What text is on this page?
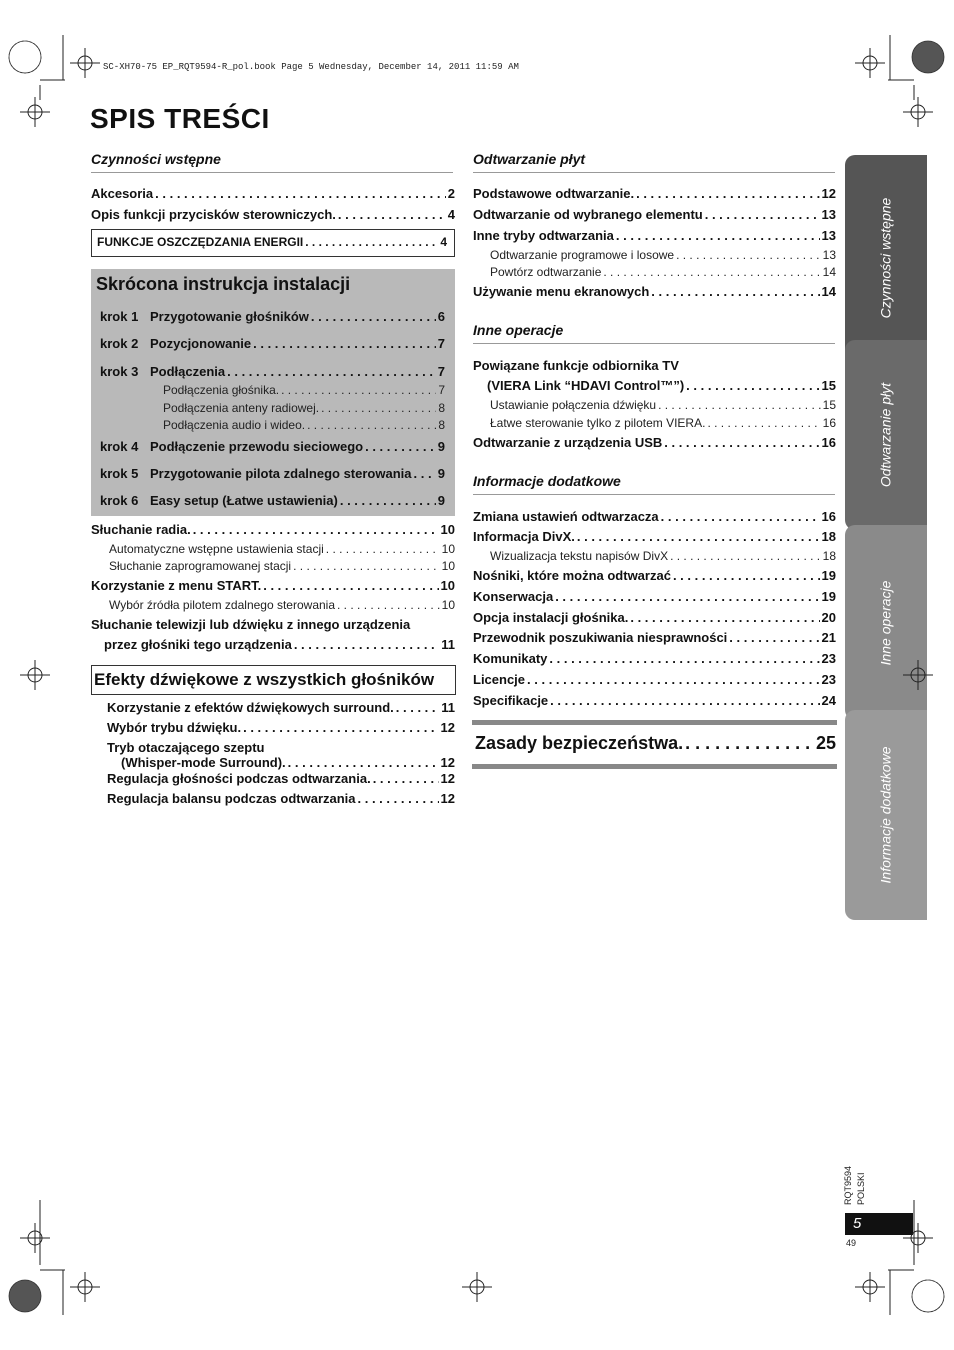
SC-XH70-75 EP_RQT9594-R_pol.book Page 5 Wednesday, December 14, 2011 11:59 AM
SPIS TREŚCI
Czynności wstępne
Akcesoria . . .	2
Opis funkcji przycisków sterowniczych. . . .	4
FUNKCJE OSZCZĘDZANIA ENERGII . . .	4
Skrócona instrukcja instalacji
krok 1 Przygotowanie głośników . . .	6
krok 2 Pozycjonowanie . . .	7
krok 3 Podłączenia . . .	7
Podłączenia głośnika. . . .	7
Podłączenia anteny radiowej. . . .	8
Podłączenia audio i wideo. . . .	8
krok 4 Podłączenie przewodu sieciowego . . .	9
krok 5 Przygotowanie pilota zdalnego sterowania . . . 9
krok 6 Easy setup (Łatwe ustawienia) . . .	9
Słuchanie radia. . . .	10
Automatyczne wstępne ustawienia stacji . . .	10
Słuchanie zaprogramowanej stacji . . .	10
Korzystanie z menu START. . . .	10
Wybór źródła pilotem zdalnego sterowania . . .	10
Słuchanie telewizji lub dźwięku z innego urządzenia
przez głośniki tego urządzenia . . .	11
Efekty dźwiękowe z wszystkich głośników
Korzystanie z efektów dźwiękowych surround. . . .	11
Wybór trybu dźwięku. . . .	12
Tryb otaczającego szeptu
(Whisper-mode Surround). . . .	12
Regulacja głośności podczas odtwarzania. . . .	12
Regulacja balansu podczas odtwarzania . . .	12
Odtwarzanie płyt
Podstawowe odtwarzanie. . . .	12
Odtwarzanie od wybranego elementu . . .	13
Inne tryby odtwarzania . . .	13
Odtwarzanie programowe i losowe . . .	13
Powtórz odtwarzanie . . .	14
Używanie menu ekranowych . . .	14
Inne operacje
Powiązane funkcje odbiornika TV
(VIERA Link “HDAVI Control™”) . . .	15
Ustawianie połączenia dźwięku . . .	15
Łatwe sterowanie tylko z pilotem VIERA. . . .	16
Odtwarzanie z urządzenia USB . . .	16
Informacje dodatkowe
Zmiana ustawień odtwarzacza . . .	16
Informacja DivX. . . .	18
Wizualizacja tekstu napisów DivX . . .	18
Nośniki, które można odtwarzać . . .	19
Konserwacja . . .	19
Opcja instalacji głośnika. . . .	20
Przewodnik poszukiwania niesprawności . . .	21
Komunikaty . . .	23
Licencje . . .	23
Specifikacje . . .	24
Zasady bezpieczeństwa. . . .	25
Czynności wstępne
Odtwarzanie płyt
Inne operacje
Informacje dodatkowe
RQT9594 POLSKI
5
49
